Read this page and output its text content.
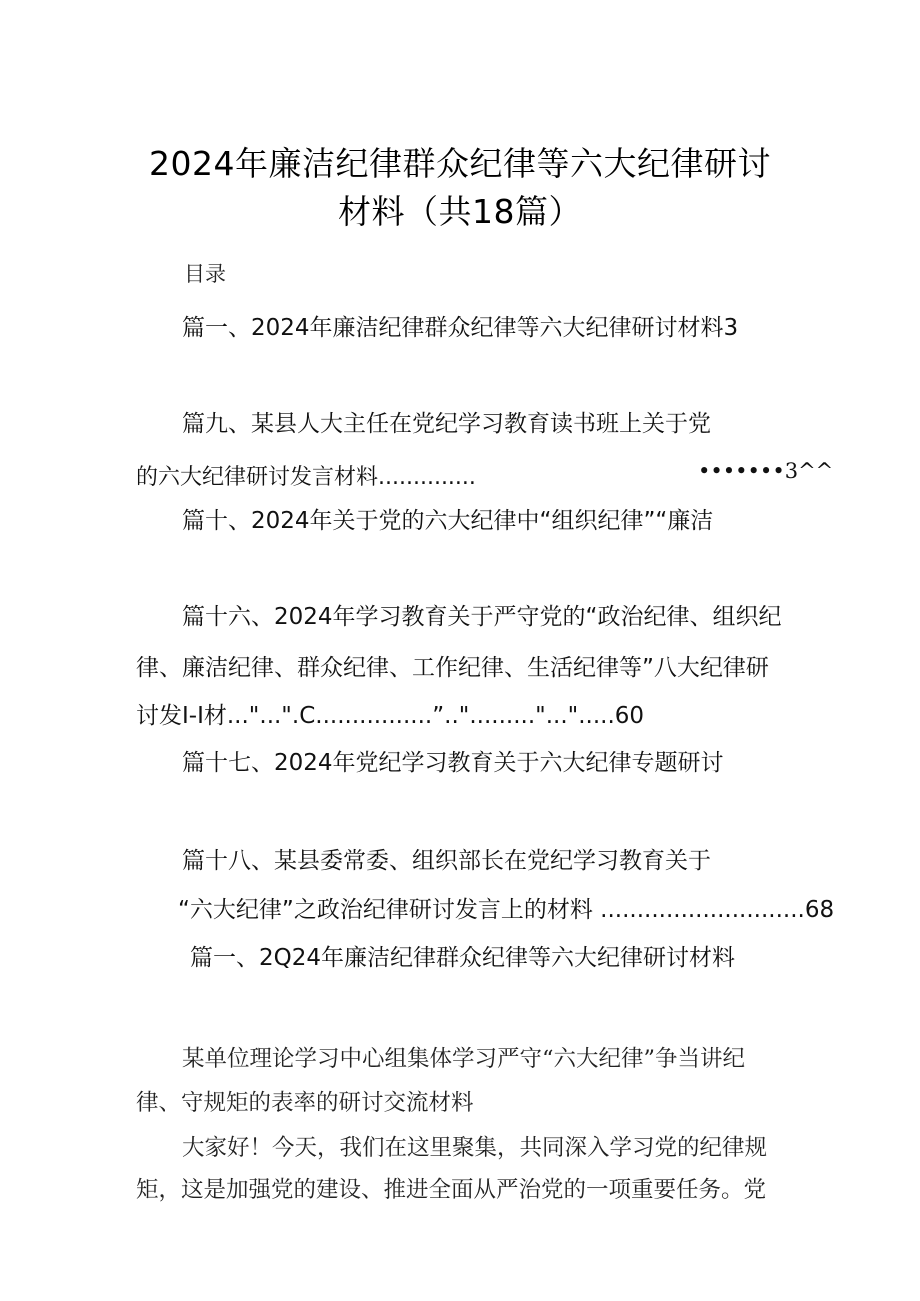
2024年廉洁纪律群众纪律等六大纪律研讨
材料（共18篇）
目录
篇一、2024年廉洁纪律群众纪律等六大纪律研讨材料3
篇九、某县人大主任在党纪学习教育读书班上关于党
的六大纪律研讨发言材料..............	•••••••3^^
篇十、2024年关于党的六大纪律中“组织纪律”“廉洁
篇十六、2024年学习教育关于严守党的“政治纪律、组织纪
律、廉洁纪律、群众纪律、工作纪律、生活纪律等”八大纪律研
讨发I-I材..."...".C................”.."........."...".....60
篇十七、2024年党纪学习教育关于六大纪律专题研讨
篇十八、某县委常委、组织部长在党纪学习教育关于
“六大纪律”之政治纪律研讨发言上的材料 ............................68
篇一、2Q24年廉洁纪律群众纪律等六大纪律研讨材料
某单位理论学习中心组集体学习严守“六大纪律”争当讲纪
律、守规矩的表率的研讨交流材料
大家好！今天，我们在这里聚集，共同深入学习党的纪律规
矩，这是加强党的建设、推进全面从严治党的一项重要任务。党
